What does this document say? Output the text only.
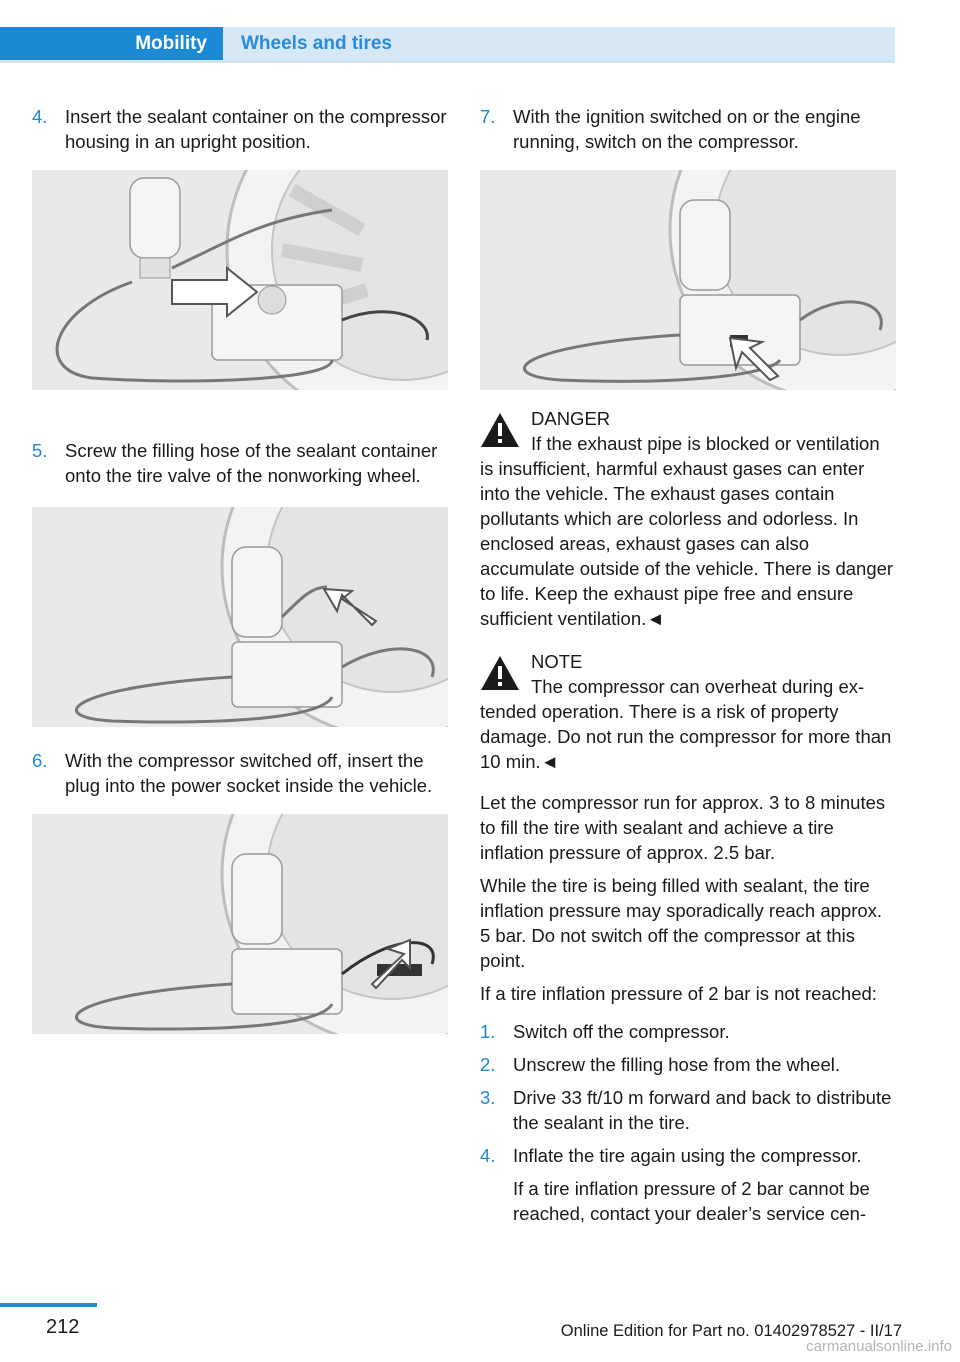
Mobility	Wheels and tires
4. Insert the sealant container on the compressor housing in an upright position.
5. Screw the filling hose of the sealant container onto the tire valve of the nonworking wheel.
6. With the compressor switched off, insert the plug into the power socket inside the vehicle.
7. With the ignition switched on or the engine running, switch on the compressor.
DANGER
If the exhaust pipe is blocked or ventilation is insufficient, harmful exhaust gases can enter into the vehicle. The exhaust gases contain pollutants which are colorless and odorless. In enclosed areas, exhaust gases can also accumulate outside of the vehicle. There is danger to life. Keep the exhaust pipe free and ensure sufficient ventilation.◄
NOTE
The compressor can overheat during extended operation. There is a risk of property damage. Do not run the compressor for more than 10 min.◄

Let the compressor run for approx. 3 to 8 minutes to fill the tire with sealant and achieve a tire inflation pressure of approx. 2.5 bar.

While the tire is being filled with sealant, the tire inflation pressure may sporadically reach approx. 5 bar. Do not switch off the compressor at this point.

If a tire inflation pressure of 2 bar is not reached:

1. Switch off the compressor.
2. Unscrew the filling hose from the wheel.
3. Drive 33 ft/10 m forward and back to distribute the sealant in the tire.
4. Inflate the tire again using the compressor.
If a tire inflation pressure of 2 bar cannot be reached, contact your dealer’s service cen-
212	Online Edition for Part no. 01402978527 - II/17
carmanualsonline.info
